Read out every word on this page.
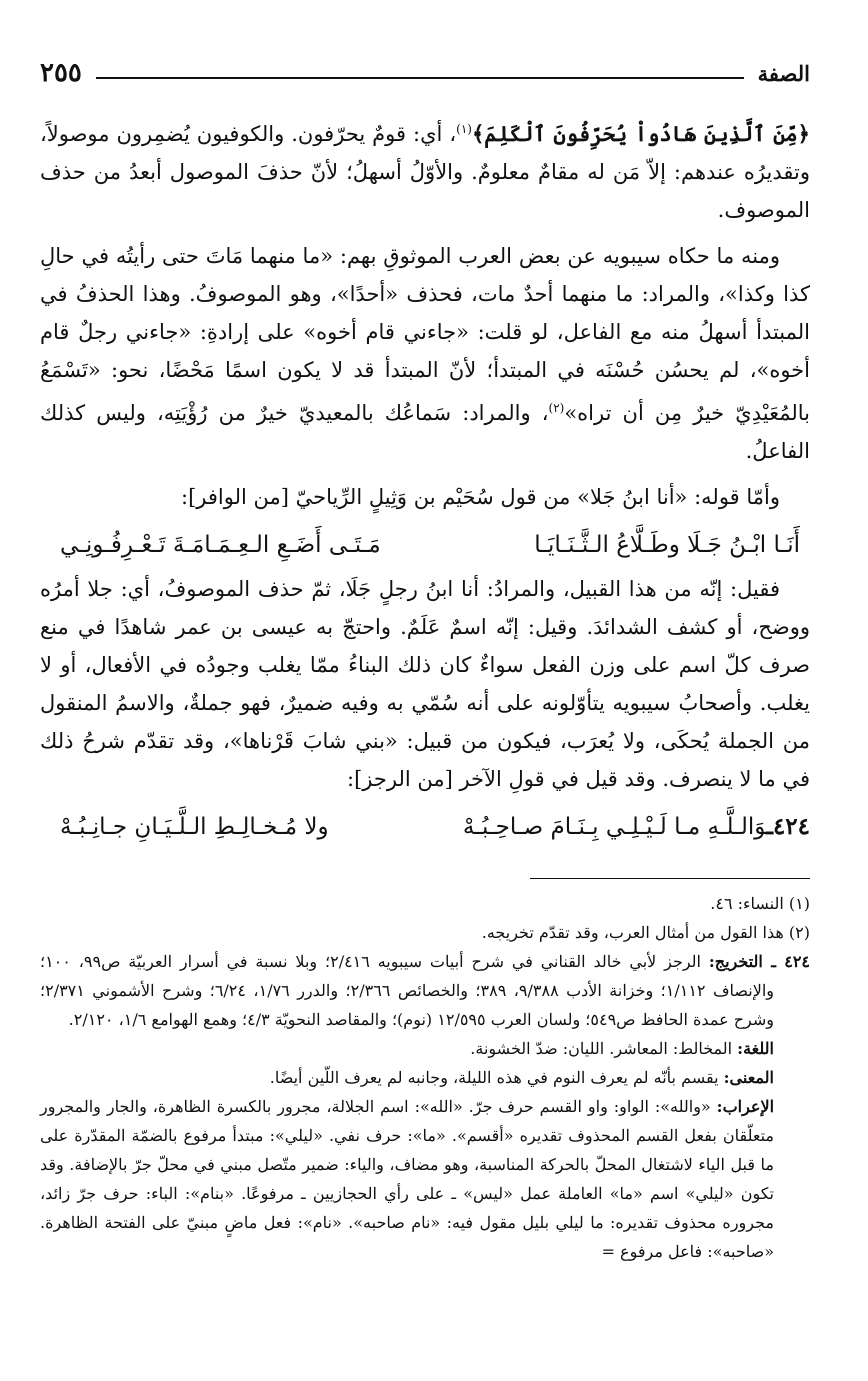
الصفة
٢٥٥

﴿مِّنَ ٱلَّذِينَ هَادُواْ يُحَرِّفُونَ ٱلْكَلِمَ﴾$^{(١)}$، أي: قومٌ يحرّفون. والكوفيون يُضمِرون موصولاً، وتقديرُه عندهم: إلاّ مَن له مقامٌ معلومٌ. والأوّلُ أسهلُ؛ لأنّ حذفَ الموصول أبعدُ من حذف الموصوف.

ومنه ما حكاه سيبويه عن بعض العرب الموثوقِ بهم: «ما منهما مَاتَ حتى رأيتُه في حالِ كذا وكذا»، والمراد: ما منهما أحدٌ مات، فحذف «أحدًا»، وهو الموصوفُ. وهذا الحذفُ في المبتدأ أسهلُ منه مع الفاعل، لو قلت: «جاءني قام أخوه» على إرادةِ: «جاءني رجلٌ قام أخوه»، لم يحسُن حُسْنَه في المبتدأ؛ لأنّ المبتدأ قد لا يكون اسمًا مَحْضًا، نحو: «تَسْمَعُ بالمُعَيْدِيّ خيرٌ مِن أن تراه»$^{(٢)}$، والمراد: سَماعُك بالمعيديّ خيرٌ من رُؤْيَتِه، وليس كذلك الفاعلُ.

وأمّا قوله: «أنا ابنُ جَلا» من قول سُحَيْم بن وَثِيلٍ الرِّياحيّ [من الوافر]:

أَنَـا ابْـنُ جَـلَا وطَـلَّاعُ الـثَّـنَـايَـا
مَـتَـى أَضَـعِ الـعِـمَـامَـةَ تَـعْـرِفُـونِـي

فقيل: إنّه من هذا القبيل، والمرادُ: أنا ابنُ رجلٍ جَلَا، ثمّ حذف الموصوفُ، أي: جلا أمرُه ووضح، أو كشف الشدائدَ. وقيل: إنّه اسمٌ عَلَمٌ. واحتجّ به عيسى بن عمر شاهدًا في منع صرف كلّ اسم على وزن الفعل سواءٌ كان ذلك البناءُ ممّا يغلب وجودُه في الأفعال، أو لا يغلب. وأصحابُ سيبويه يتأوّلونه على أنه سُمّي به وفيه ضميرٌ، فهو جملةٌ، والاسمُ المنقول من الجملة يُحكَى، ولا يُعرَب، فيكون من قبيل: «بني شابَ قَرْناها»، وقد تقدّم شرحُ ذلك في ما لا ينصرف. وقد قيل في قولِ الآخر [من الرجز]:

٤٢٤ـوَالـلَّـهِ مـا لَـيْـلِـي بِـنَـامَ صـاحِـبُـهْ
ولا مُـخـالِـطِ الـلَّـيَـانِ جـانِـبُـهْ

(١) النساء: ٤٦.

(٢) هذا القول من أمثال العرب، وقد تقدّم تخريجه.

٤٢٤ ـ التخريج: الرجز لأبي خالد القناني في شرح أبيات سيبويه ٢/٤١٦؛ وبلا نسبة في أسرار العربيّة ص٩٩، ١٠٠؛ والإنصاف ١/١١٢؛ وخزانة الأدب ٩/٣٨٨، ٣٨٩؛ والخصائص ٢/٣٦٦؛ والدرر ١/٧٦، ٦/٢٤؛ وشرح الأشموني ٢/٣٧١؛ وشرح عمدة الحافظ ص٥٤٩؛ ولسان العرب ١٢/٥٩٥ (نوم)؛ والمقاصد النحويّة ٤/٣؛ وهمع الهوامع ١/٦، ٢/١٢٠.

اللغة: المخالط: المعاشر. الليان: ضدّ الخشونة.

المعنى: يقسم بأنّه لم يعرف النوم في هذه الليلة، وجانبه لم يعرف اللّين أيضًا.

الإعراب: «والله»: الواو: واو القسم حرف جرّ. «الله»: اسم الجلالة، مجرور بالكسرة الظاهرة، والجار والمجرور متعلّقان بفعل القسم المحذوف تقديره «أقسم». «ما»: حرف نفي. «ليلي»: مبتدأ مرفوع بالضمّة المقدّرة على ما قبل الياء لاشتغال المحلّ بالحركة المناسبة، وهو مضاف، والياء: ضمير متّصل مبني في محلّ جرّ بالإضافة. وقد تكون «ليلي» اسم «ما» العاملة عمل «ليس» ـ على رأي الحجازيين ـ مرفوعًا. «بنام»: الباء: حرف جرّ زائد، مجروره محذوف تقديره: ما ليلي بليل مقول فيه: «نام صاحبه». «نام»: فعل ماضٍ مبنيّ على الفتحة الظاهرة. «صاحبه»: فاعل مرفوع =
